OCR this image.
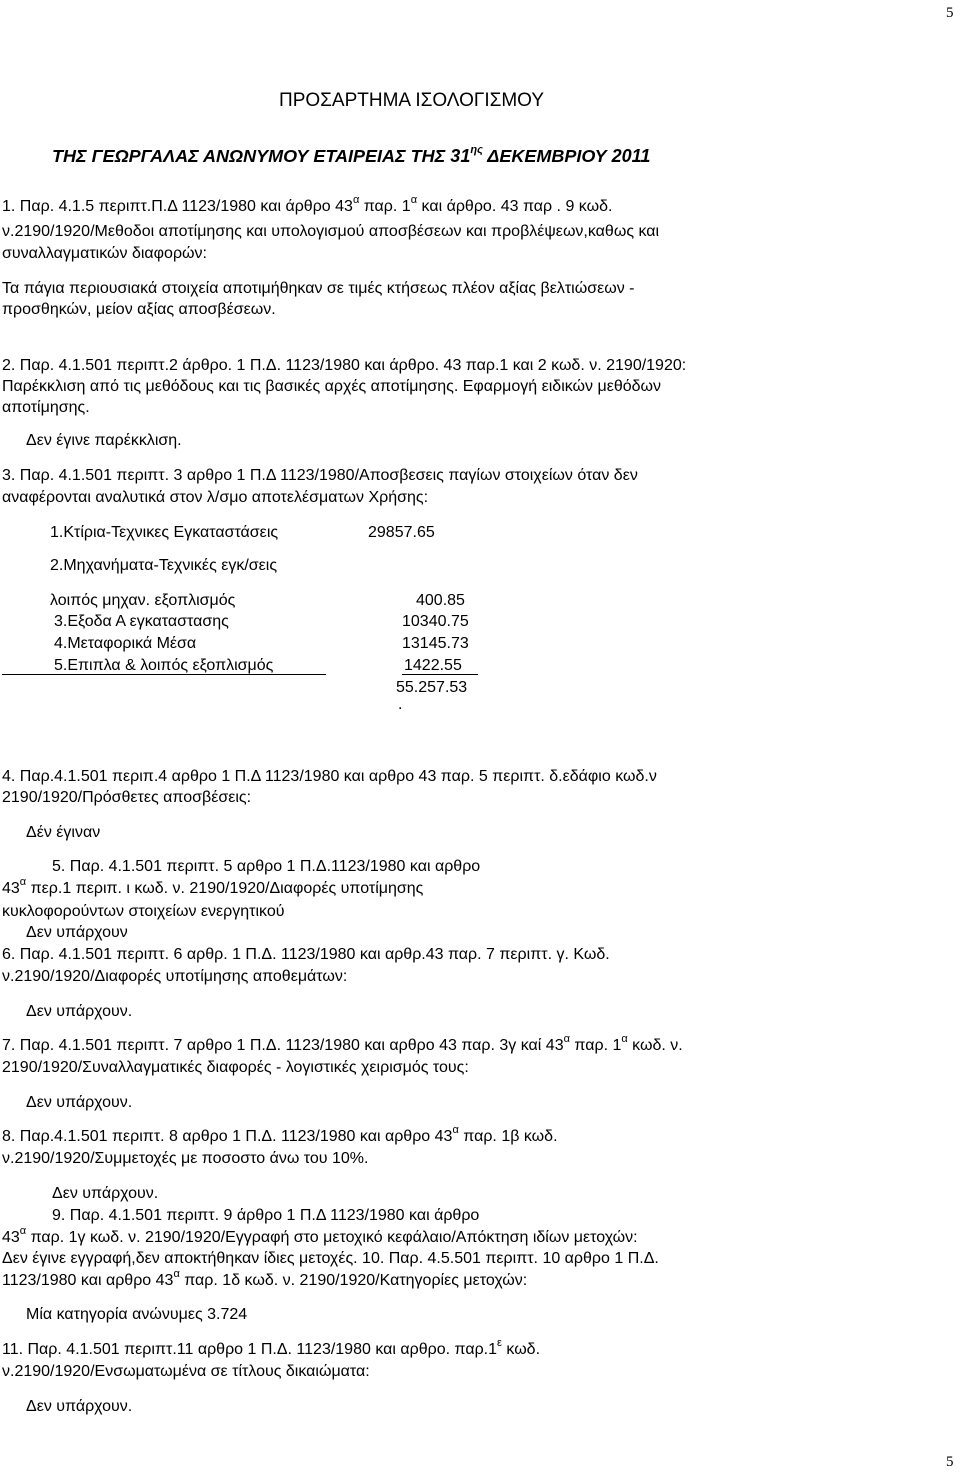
5
5
ΠΡΟΣΑΡΤΗΜΑ ΙΣΟΛΟΓΙΣΜΟΥ
ΤΗΣ ΓΕΩΡΓΑΛΑΣ ΑΝΩΝΥΜΟΥ ΕΤΑΙΡΕΙΑΣ ΤΗΣ $31^{\eta\varsigma}$ ΔΕΚΕΜΒΡΙΟΥ 2011
1. Παρ. 4.1.5 περιπτ.Π.Δ 1123/1980 και άρθρο $43^\alpha$ παρ. $1^\alpha$ και άρθρο. 43 παρ . 9 κωδ.
ν.2190/1920/Μεθοδοι αποτίμησης και υπολογισμού αποσβέσεων και προβλέψεων,καθως και
συναλλαγματικών διαφορών:
Τα πάγια περιουσιακά στοιχεία αποτιμήθηκαν σε τιμές κτήσεως πλέον αξίας βελτιώσεων -
προσθηκών, μείον αξίας αποσβέσεων.
2. Παρ. 4.1.501 περιπτ.2 άρθρο. 1 Π.Δ. 1123/1980 και άρθρο. 43 παρ.1 και 2 κωδ. ν. 2190/1920:
Παρέκκλιση από τις μεθόδους και τις βασικές αρχές αποτίμησης. Εφαρμογή ειδικών μεθόδων
αποτίμησης.
Δεν έγινε παρέκκλιση.
3. Παρ. 4.1.501 περιπτ. 3 αρθρο 1 Π.Δ 1123/1980/Αποσβεσεις παγίων στοιχείων όταν δεν
αναφέρονται αναλυτικά στον λ/σμο αποτελέσματων Χρήσης:
1.Κτίρια-Τεχνικες Εγκαταστάσεις	29857.65
2.Μηχανήματα-Τεχνικές εγκ/σεις
λοιπός μηχαν. εξοπλισμός	400.85
3.Εξοδα Α εγκαταστασης	10340.75
4.Μεταφορικά Μέσα	13145.73
5.Επιπλα & λοιπός εξοπλισμός	1422.55
55.257.53
.
4. Παρ.4.1.501 περιπ.4 αρθρο 1 Π.Δ 1123/1980 και αρθρο 43 παρ. 5 περιπτ. δ.εδάφιο κωδ.ν
2190/1920/Πρόσθετες αποσβέσεις:
Δέν έγιναν
5. Παρ. 4.1.501 περιπτ. 5 αρθρο 1 Π.Δ.1123/1980 και αρθρο
$43^\alpha$ περ.1 περιπ. ι κωδ. ν. 2190/1920/Διαφορές υποτίμησης
κυκλοφορούντων στοιχείων ενεργητικού
Δεν υπάρχουν
6. Παρ. 4.1.501 περιπτ. 6 αρθρ. 1 Π.Δ. 1123/1980 και αρθρ.43 παρ. 7 περιπτ. γ. Κωδ.
ν.2190/1920/Διαφορές υποτίμησης αποθεμάτων:
Δεν υπάρχουν.
7. Παρ. 4.1.501 περιπτ. 7 αρθρο 1 Π.Δ. 1123/1980 και αρθρο 43 παρ. 3γ καί $43^\alpha$ παρ. $1^\alpha$ κωδ. ν.
2190/1920/Συναλλαγματικές διαφορές - λογιστικές χειρισμός τους:
Δεν υπάρχουν.
8. Παρ.4.1.501 περιπτ. 8 αρθρο 1 Π.Δ. 1123/1980 και αρθρο $43^\alpha$ παρ. 1β κωδ.
ν.2190/1920/Συμμετοχές με ποσοστο άνω του 10%.
Δεν υπάρχουν.
9. Παρ. 4.1.501 περιπτ. 9 άρθρο 1 Π.Δ 1123/1980 και άρθρο
$43^\alpha$ παρ. 1γ κωδ. ν. 2190/1920/Εγγραφή στο μετοχικό κεφάλαιο/Απόκτηση ιδίων μετοχών:
Δεν έγινε εγγραφή,δεν αποκτήθηκαν ίδιες μετοχές. 10. Παρ. 4.5.501 περιπτ. 10 αρθρο 1 Π.Δ.
1123/1980 και αρθρο $43^\alpha$ παρ. 1δ κωδ. ν. 2190/1920/Κατηγορίες μετοχών:
Μία κατηγορία ανώνυμες 3.724
11. Παρ. 4.1.501 περιπτ.11 αρθρο 1 Π.Δ. 1123/1980 και αρθρο. $\pi\alpha\rho.1^\varepsilon$ κωδ.
ν.2190/1920/Ενσωματωμένα σε τίτλους δικαιώματα:
Δεν υπάρχουν.
